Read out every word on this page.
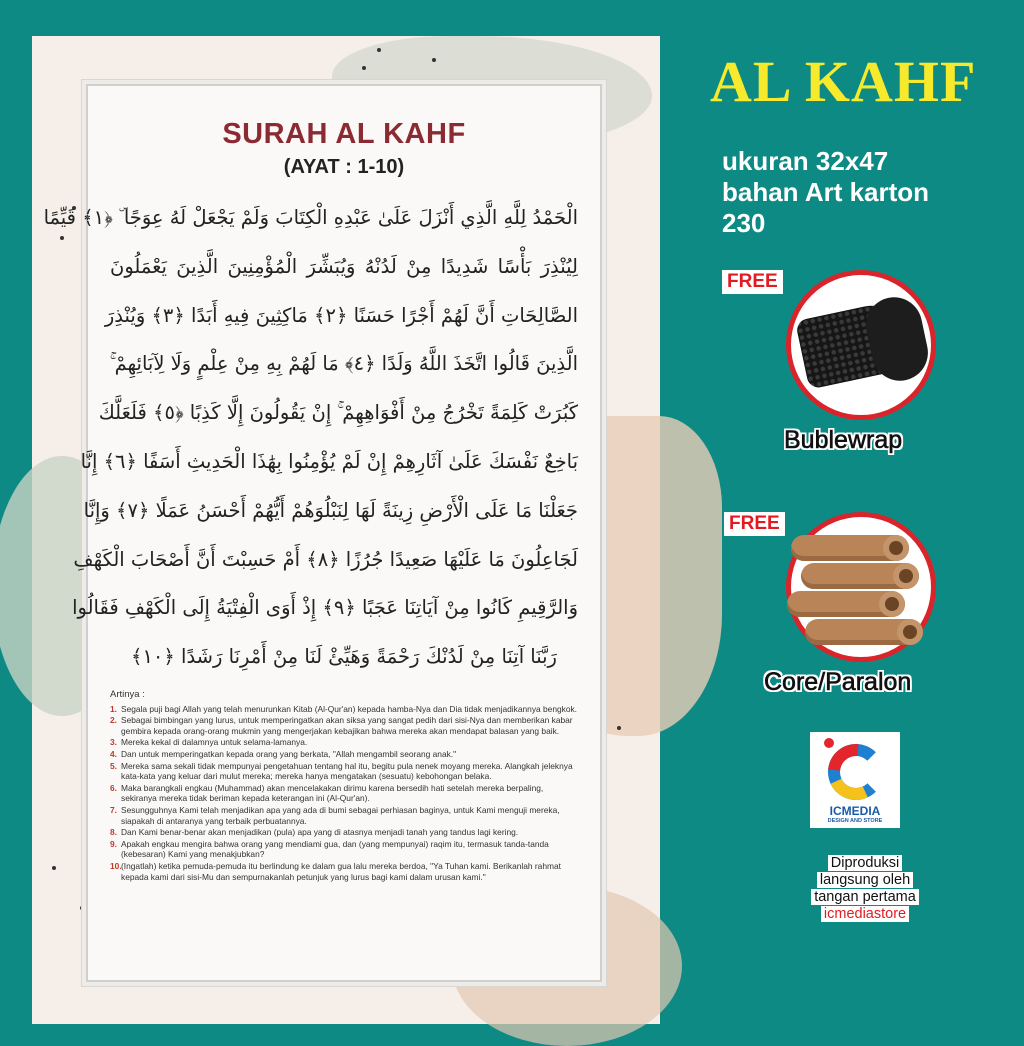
SURAH AL KAHF
(AYAT : 1-10)

الْحَمْدُ لِلَّهِ الَّذِي أَنْزَلَ عَلَىٰ عَبْدِهِ الْكِتَابَ وَلَمْ يَجْعَلْ لَهُ عِوَجًا ۜ ﴿١﴾ قَيِّمًا

لِيُنْذِرَ بَأْسًا شَدِيدًا مِنْ لَدُنْهُ وَيُبَشِّرَ الْمُؤْمِنِينَ الَّذِينَ يَعْمَلُونَ

الصَّالِحَاتِ أَنَّ لَهُمْ أَجْرًا حَسَنًا ﴿٢﴾ مَاكِثِينَ فِيهِ أَبَدًا ﴿٣﴾ وَيُنْذِرَ

الَّذِينَ قَالُوا اتَّخَذَ اللَّهُ وَلَدًا ﴿٤﴾ مَا لَهُمْ بِهِ مِنْ عِلْمٍ وَلَا لِآبَائِهِمْ ۚ

كَبُرَتْ كَلِمَةً تَخْرُجُ مِنْ أَفْوَاهِهِمْ ۚ إِنْ يَقُولُونَ إِلَّا كَذِبًا ﴿٥﴾ فَلَعَلَّكَ

بَاخِعٌ نَفْسَكَ عَلَىٰ آثَارِهِمْ إِنْ لَمْ يُؤْمِنُوا بِهَٰذَا الْحَدِيثِ أَسَفًا ﴿٦﴾ إِنَّا

جَعَلْنَا مَا عَلَى الْأَرْضِ زِينَةً لَهَا لِنَبْلُوَهُمْ أَيُّهُمْ أَحْسَنُ عَمَلًا ﴿٧﴾ وَإِنَّا

لَجَاعِلُونَ مَا عَلَيْهَا صَعِيدًا جُرُزًا ﴿٨﴾ أَمْ حَسِبْتَ أَنَّ أَصْحَابَ الْكَهْفِ

وَالرَّقِيمِ كَانُوا مِنْ آيَاتِنَا عَجَبًا ﴿٩﴾ إِذْ أَوَى الْفِتْيَةُ إِلَى الْكَهْفِ فَقَالُوا

رَبَّنَا آتِنَا مِنْ لَدُنْكَ رَحْمَةً وَهَيِّئْ لَنَا مِنْ أَمْرِنَا رَشَدًا ﴿١٠﴾

Artinya :
1. Segala puji bagi Allah yang telah menurunkan Kitab (Al-Qur'an) kepada hamba-Nya dan Dia tidak menjadikannya bengkok.
2. Sebagai bimbingan yang lurus, untuk memperingatkan akan siksa yang sangat pedih dari sisi-Nya dan memberikan kabar gembira kepada orang-orang mukmin yang mengerjakan kebajikan bahwa mereka akan mendapat balasan yang baik.
3. Mereka kekal di dalamnya untuk selama-lamanya.
4. Dan untuk memperingatkan kepada orang yang berkata, "Allah mengambil seorang anak."
5. Mereka sama sekali tidak mempunyai pengetahuan tentang hal itu, begitu pula nenek moyang mereka. Alangkah jeleknya kata-kata yang keluar dari mulut mereka; mereka hanya mengatakan (sesuatu) kebohongan belaka.
6. Maka barangkali engkau (Muhammad) akan mencelakakan dirimu karena bersedih hati setelah mereka berpaling, sekiranya mereka tidak beriman kepada keterangan ini (Al-Qur'an).
7. Sesungguhnya Kami telah menjadikan apa yang ada di bumi sebagai perhiasan baginya, untuk Kami menguji mereka, siapakah di antaranya yang terbaik perbuatannya.
8. Dan Kami benar-benar akan menjadikan (pula) apa yang di atasnya menjadi tanah yang tandus lagi kering.
9. Apakah engkau mengira bahwa orang yang mendiami gua, dan (yang mempunyai) raqim itu, termasuk tanda-tanda (kebesaran) Kami yang menakjubkan?
10. (Ingatlah) ketika pemuda-pemuda itu berlindung ke dalam gua lalu mereka berdoa, "Ya Tuhan kami. Berikanlah rahmat kepada kami dari sisi-Mu dan sempurnakanlah petunjuk yang lurus bagi kami dalam urusan kami."
AL KAHF
ukuran 32x47
bahan Art karton
230
FREE
Bublewrap
FREE
Core/Paralon
ICMEDIA
DESIGN AND STORE
Diproduksi
langsung oleh
tangan pertama
icmediastore
